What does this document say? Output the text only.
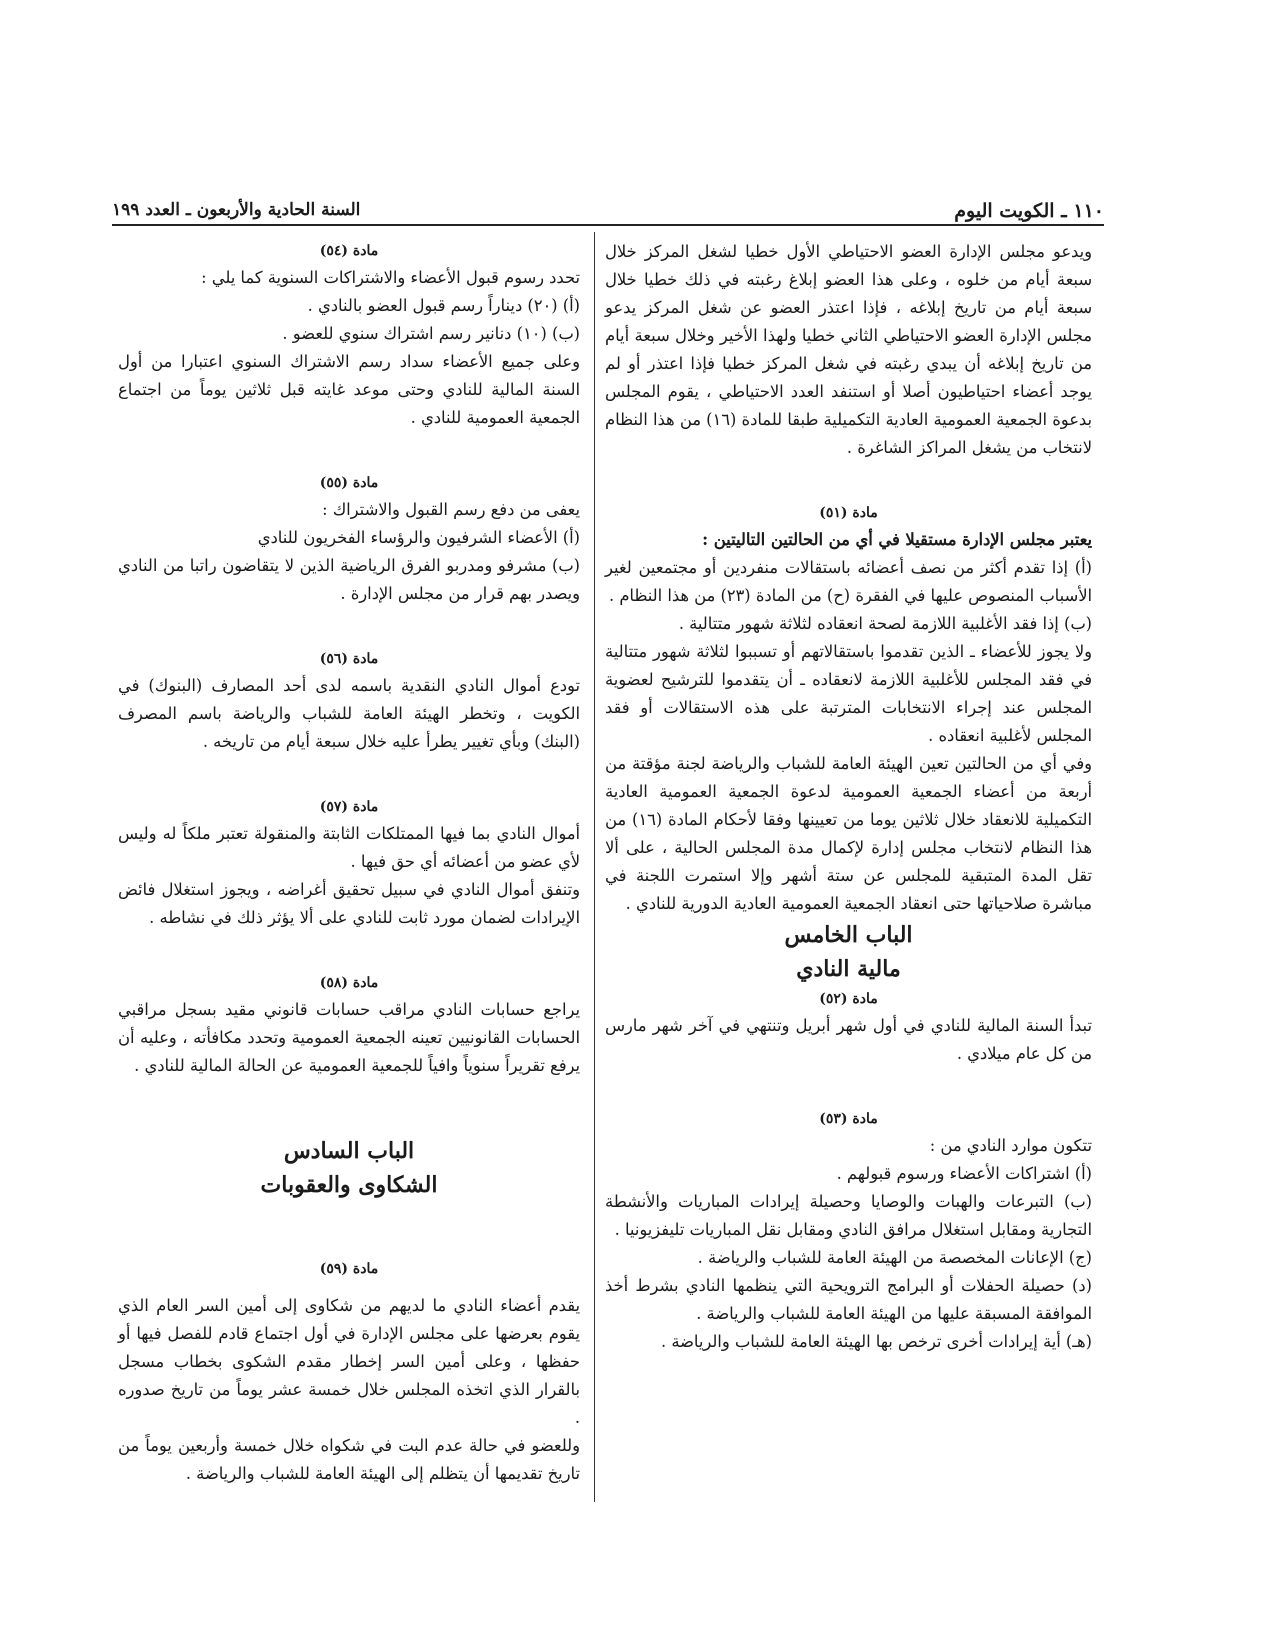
١١٠ ـ الكويت اليوم
السنة الحادية والأربعون ـ العدد ١٩٩

ويدعو مجلس الإدارة العضو الاحتياطي الأول خطيا لشغل المركز خلال سبعة أيام من خلوه ، وعلى هذا العضو إبلاغ رغبته في ذلك خطيا خلال سبعة أيام من تاريخ إبلاغه ، فإذا اعتذر العضو عن شغل المركز يدعو مجلس الإدارة العضو الاحتياطي الثاني خطيا ولهذا الأخير وخلال سبعة أيام من تاريخ إبلاغه أن يبدي رغبته في شغل المركز خطيا فإذا اعتذر أو لم يوجد أعضاء احتياطيون أصلا أو استنفد العدد الاحتياطي ، يقوم المجلس بدعوة الجمعية العمومية العادية التكميلية طبقا للمادة (١٦) من هذا النظام لانتخاب من يشغل المراكز الشاغرة .

مادة (٥١)

يعتبر مجلس الإدارة مستقيلا في أي من الحالتين التاليتين :

(أ) إذا تقدم أكثر من نصف أعضائه باستقالات منفردين أو مجتمعين لغير الأسباب المنصوص عليها في الفقرة (ح) من المادة (٢٣) من هذا النظام .

(ب) إذا فقد الأغلبية اللازمة لصحة انعقاده لثلاثة شهور متتالية .

ولا يجوز للأعضاء ـ الذين تقدموا باستقالاتهم أو تسببوا لثلاثة شهور متتالية في فقد المجلس للأغلبية اللازمة لانعقاده ـ أن يتقدموا للترشيح لعضوية المجلس عند إجراء الانتخابات المترتبة على هذه الاستقالات أو فقد المجلس لأغلبية انعقاده .

وفي أي من الحالتين تعين الهيئة العامة للشباب والرياضة لجنة مؤقتة من أربعة من أعضاء الجمعية العمومية لدعوة الجمعية العمومية العادية التكميلية للانعقاد خلال ثلاثين يوما من تعيينها وفقا لأحكام المادة (١٦) من هذا النظام لانتخاب مجلس إدارة لإكمال مدة المجلس الحالية ، على ألا تقل المدة المتبقية للمجلس عن ستة أشهر وإلا استمرت اللجنة في مباشرة صلاحياتها حتى انعقاد الجمعية العمومية العادية الدورية للنادي .

الباب الخامس
مالية النادي

مادة (٥٢)

تبدأ السنة المالية للنادي في أول شهر أبريل وتنتهي في آخر شهر مارس من كل عام ميلادي .

مادة (٥٣)

تتكون موارد النادي من :

(أ) اشتراكات الأعضاء ورسوم قبولهم .

(ب) التبرعات والهبات والوصايا وحصيلة إيرادات المباريات والأنشطة التجارية ومقابل استغلال مرافق النادي ومقابل نقل المباريات تليفزيونيا .

(ج) الإعانات المخصصة من الهيئة العامة للشباب والرياضة .

(د) حصيلة الحفلات أو البرامج الترويحية التي ينظمها النادي بشرط أخذ الموافقة المسبقة عليها من الهيئة العامة للشباب والرياضة .

(هـ) أية إيرادات أخرى ترخص بها الهيئة العامة للشباب والرياضة .

مادة (٥٤)

تحدد رسوم قبول الأعضاء والاشتراكات السنوية كما يلي :

(أ) (٢٠) ديناراً رسم قبول العضو بالنادي .

(ب) (١٠) دنانير رسم اشتراك سنوي للعضو .

وعلى جميع الأعضاء سداد رسم الاشتراك السنوي اعتبارا من أول السنة المالية للنادي وحتى موعد غايته قبل ثلاثين يوماً من اجتماع الجمعية العمومية للنادي .

مادة (٥٥)

يعفى من دفع رسم القبول والاشتراك :

(أ) الأعضاء الشرفيون والرؤساء الفخريون للنادي

(ب) مشرفو ومدربو الفرق الرياضية الذين لا يتقاضون راتبا من النادي ويصدر بهم قرار من مجلس الإدارة .

مادة (٥٦)

تودع أموال النادي النقدية باسمه لدى أحد المصارف (البنوك) في الكويت ، وتخطر الهيئة العامة للشباب والرياضة باسم المصرف (البنك) وبأي تغيير يطرأ عليه خلال سبعة أيام من تاريخه .

مادة (٥٧)

أموال النادي بما فيها الممتلكات الثابتة والمنقولة تعتبر ملكاً له وليس لأي عضو من أعضائه أي حق فيها .

وتنفق أموال النادي في سبيل تحقيق أغراضه ، ويجوز استغلال فائض الإيرادات لضمان مورد ثابت للنادي على ألا يؤثر ذلك في نشاطه .

مادة (٥٨)

يراجع حسابات النادي مراقب حسابات قانوني مقيد بسجل مراقبي الحسابات القانونيين تعينه الجمعية العمومية وتحدد مكافأته ، وعليه أن يرفع تقريراً سنوياً وافياً للجمعية العمومية عن الحالة المالية للنادي .

الباب السادس
الشكاوى والعقوبات

مادة (٥٩)

يقدم أعضاء النادي ما لديهم من شكاوى إلى أمين السر العام الذي يقوم بعرضها على مجلس الإدارة في أول اجتماع قادم للفصل فيها أو حفظها ، وعلى أمين السر إخطار مقدم الشكوى بخطاب مسجل بالقرار الذي اتخذه المجلس خلال خمسة عشر يوماً من تاريخ صدوره .

وللعضو في حالة عدم البت في شكواه خلال خمسة وأربعين يوماً من تاريخ تقديمها أن يتظلم إلى الهيئة العامة للشباب والرياضة .
